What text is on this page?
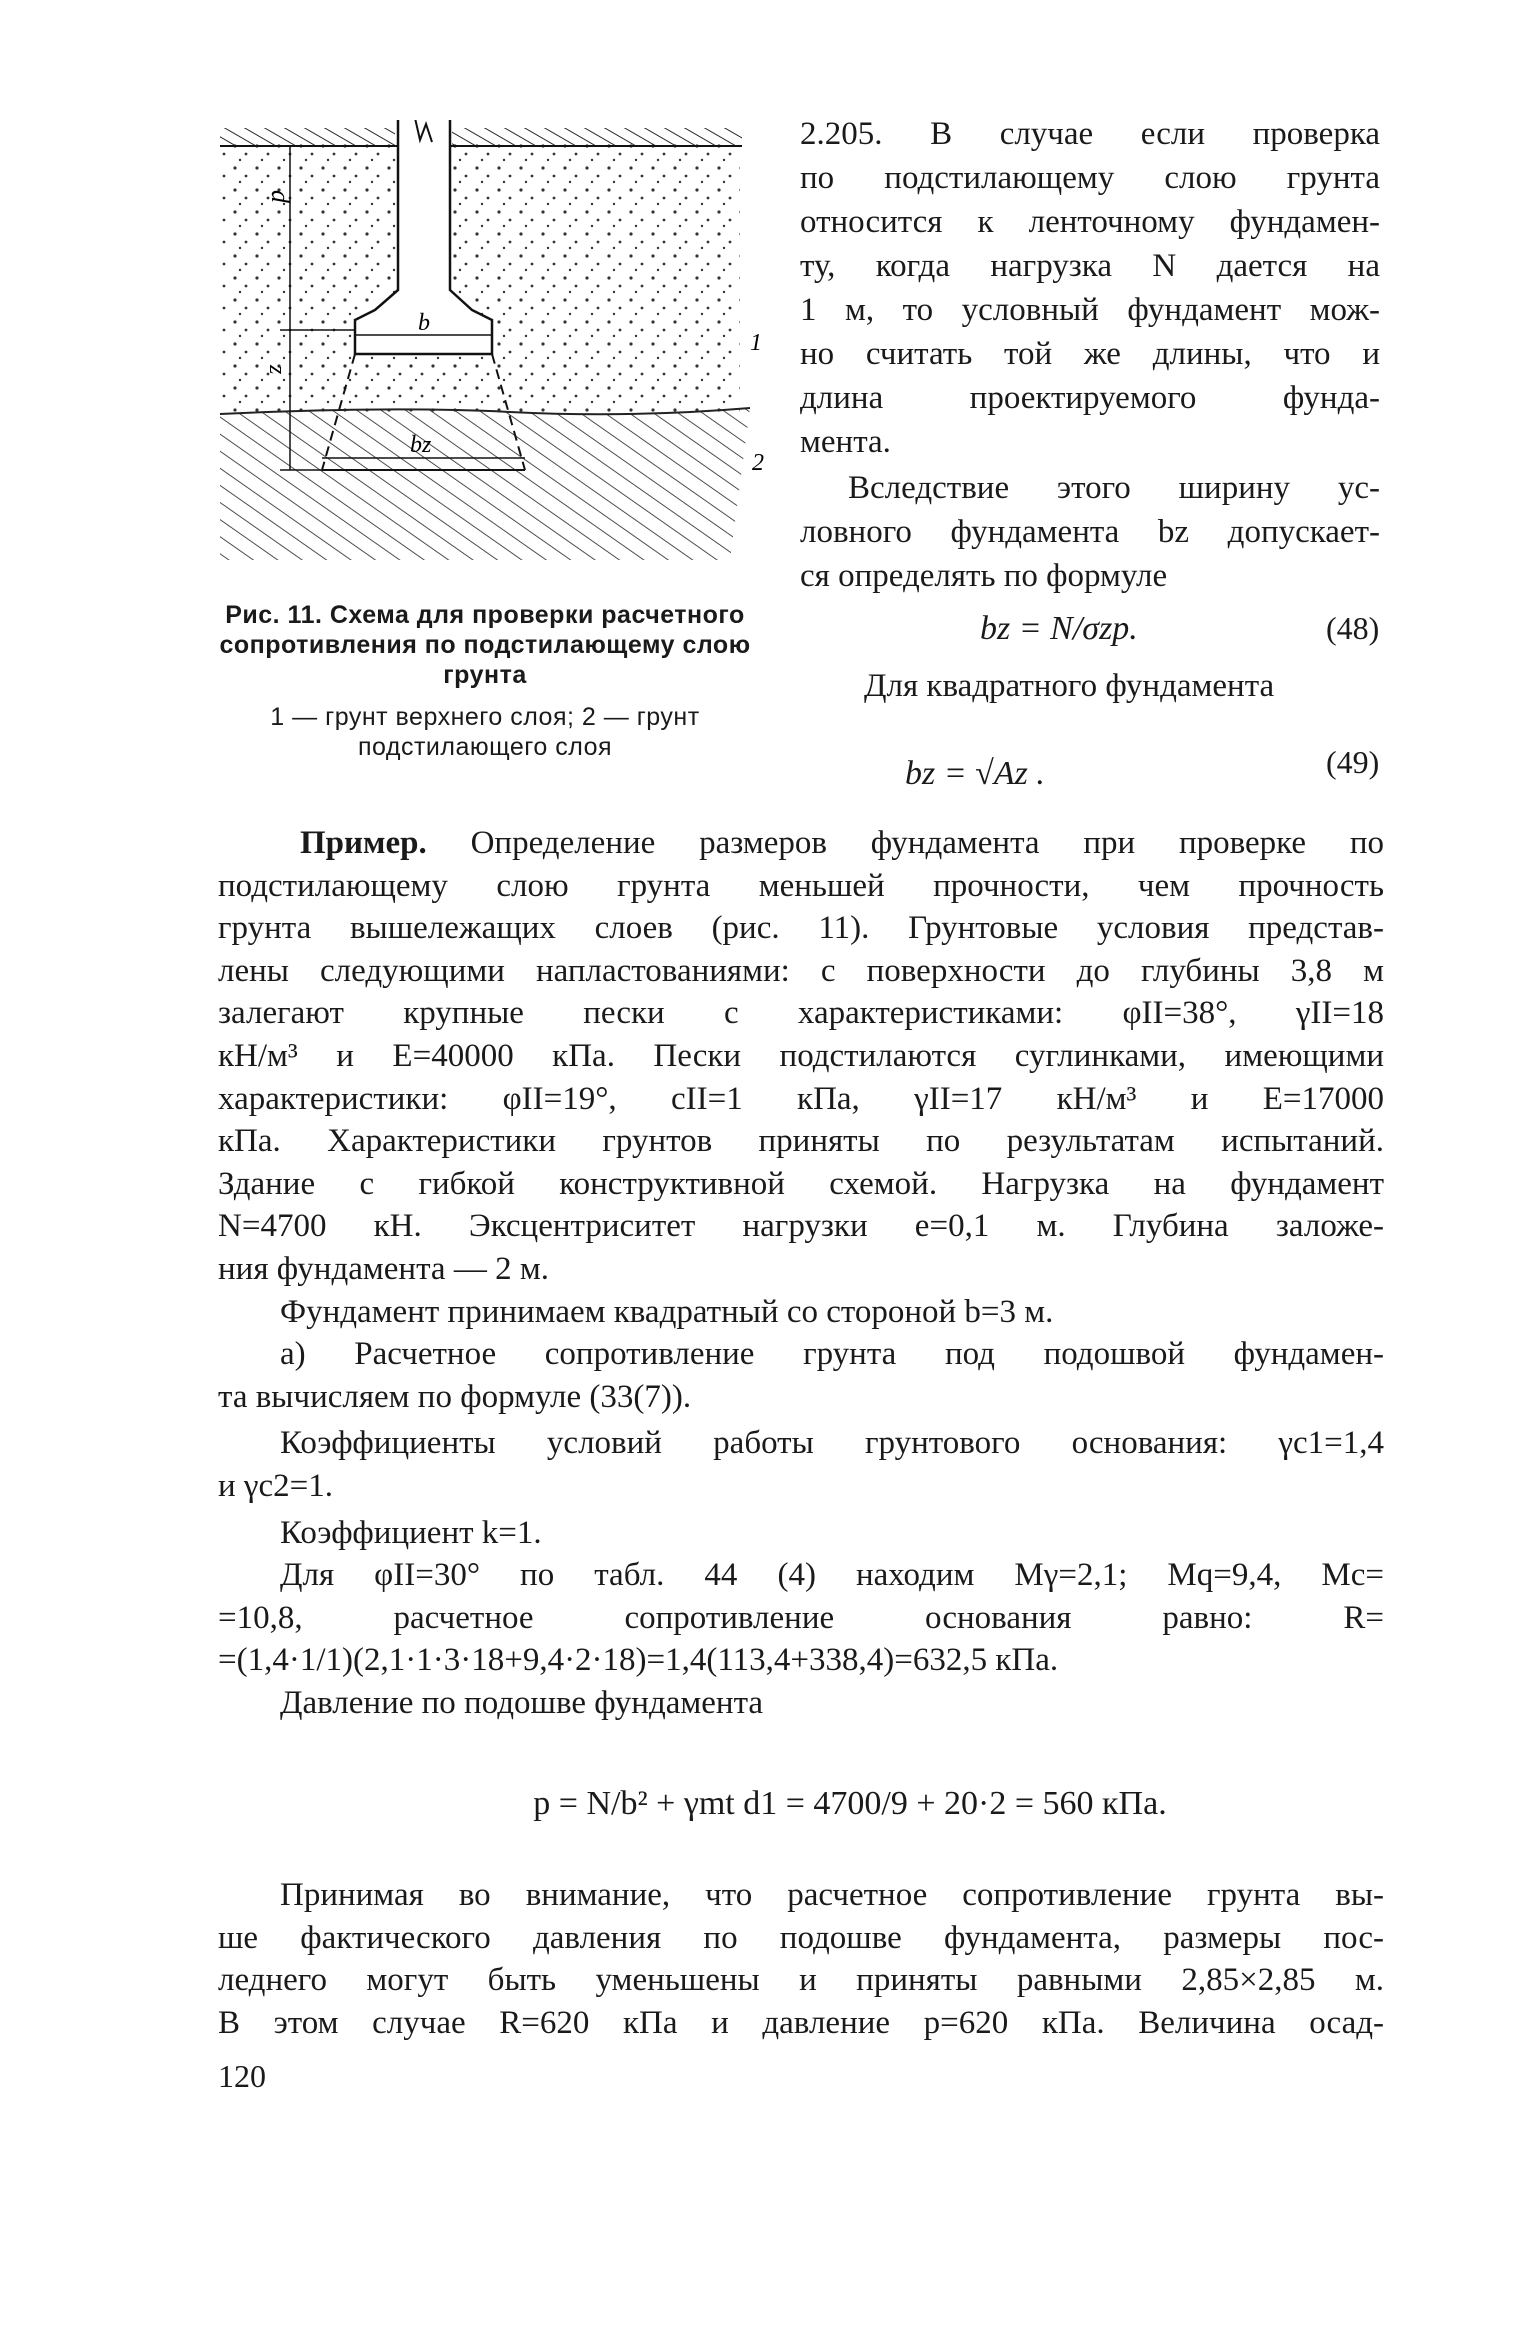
d
z
b
bz
1
2
Рис. 11. Схема для проверки расчетного сопротивления по подстилающему слою грунта
1 — грунт верхнего слоя; 2 — грунт подстилающего слоя
2.205. В случае если проверка
по подстилающему слою грунта
относится к ленточному фундамен-
ту, когда нагрузка N дается на
1 м, то условный фундамент мож-
но считать той же длины, что и
длина проектируемого фунда-
мента.
Вследствие этого ширину ус-
ловного фундамента bz допускает-
ся определять по формуле
bz = N/σzp.	(48)
Для квадратного фундамента
bz = √Az .	(49)

Пример. Определение размеров фундамента при проверке по

подстилающему слою грунта меньшей прочности, чем прочность

грунта вышележащих слоев (рис. 11). Грунтовые условия представ-

лены следующими напластованиями: с поверхности до глубины 3,8 м

залегают крупные пески с характеристиками: φII=38°, γII=18

кН/м³ и E=40000 кПа. Пески подстилаются суглинками, имеющими

характеристики: φII=19°, cII=1 кПа, γII=17 кН/м³ и E=17000

кПа. Характеристики грунтов приняты по результатам испытаний.

Здание с гибкой конструктивной схемой. Нагрузка на фундамент

N=4700 кН. Эксцентриситет нагрузки e=0,1 м. Глубина заложе-

ния фундамента — 2 м.

Фундамент принимаем квадратный со стороной b=3 м.

а) Расчетное сопротивление грунта под подошвой фундамен-

та вычисляем по формуле (33(7)).

Коэффициенты условий работы грунтового основания: γc1=1,4

и γc2=1.

Коэффициент k=1.

Для φII=30° по табл. 44 (4) находим Mγ=2,1; Mq=9,4, Mc=

=10,8, расчетное сопротивление основания равно: R=

=(1,4·1/1)(2,1·1·3·18+9,4·2·18)=1,4(113,4+338,4)=632,5 кПа.

Давление по подошве фундамента

p = N/b² + γmt d1 = 4700/9 + 20·2 = 560 кПа.

Принимая во внимание, что расчетное сопротивление грунта вы-

ше фактического давления по подошве фундамента, размеры пос-

леднего могут быть уменьшены и приняты равными 2,85×2,85 м.

В этом случае R=620 кПа и давление p=620 кПа. Величина осад-

120
